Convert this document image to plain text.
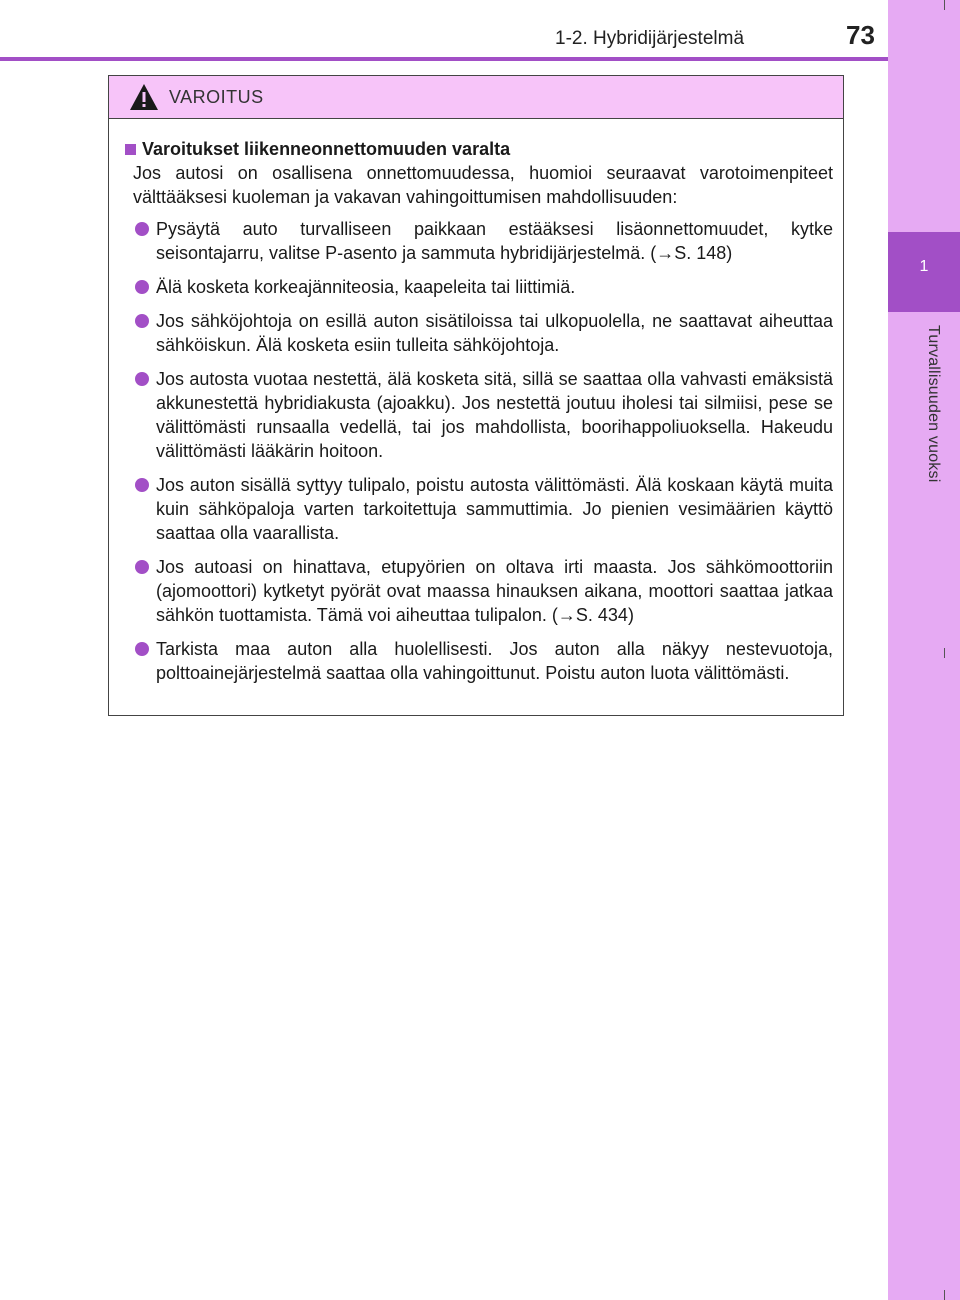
1-2. Hybridijärjestelmä	73
1
Turvallisuuden vuoksi
VAROITUS
Varoitukset liikenneonnettomuuden varalta

Jos autosi on osallisena onnettomuudessa, huomioi seuraavat varotoimenpiteet välttääksesi kuoleman ja vakavan vahingoittumisen mahdollisuuden:

Pysäytä auto turvalliseen paikkaan estääksesi lisäonnettomuudet, kytke seisontajarru, valitse P-asento ja sammuta hybridijärjestelmä. (→S. 148)
Älä kosketa korkeajänniteosia, kaapeleita tai liittimiä.
Jos sähköjohtoja on esillä auton sisätiloissa tai ulkopuolella, ne saattavat aiheuttaa sähköiskun. Älä kosketa esiin tulleita sähköjohtoja.
Jos autosta vuotaa nestettä, älä kosketa sitä, sillä se saattaa olla vahvasti emäksistä akkunestettä hybridiakusta (ajoakku). Jos nestettä joutuu iholesi tai silmiisi, pese se välittömästi runsaalla vedellä, tai jos mahdollista, boorihappoliuoksella. Hakeudu välittömästi lääkärin hoitoon.
Jos auton sisällä syttyy tulipalo, poistu autosta välittömästi. Älä koskaan käytä muita kuin sähköpaloja varten tarkoitettuja sammuttimia. Jo pienien vesimäärien käyttö saattaa olla vaarallista.
Jos autoasi on hinattava, etupyörien on oltava irti maasta. Jos sähkömoottoriin (ajomoottori) kytketyt pyörät ovat maassa hinauksen aikana, moottori saattaa jatkaa sähkön tuottamista. Tämä voi aiheuttaa tulipalon. (→S. 434)
Tarkista maa auton alla huolellisesti. Jos auton alla näkyy nestevuotoja, polttoainejärjestelmä saattaa olla vahingoittunut. Poistu auton luota välittömästi.
